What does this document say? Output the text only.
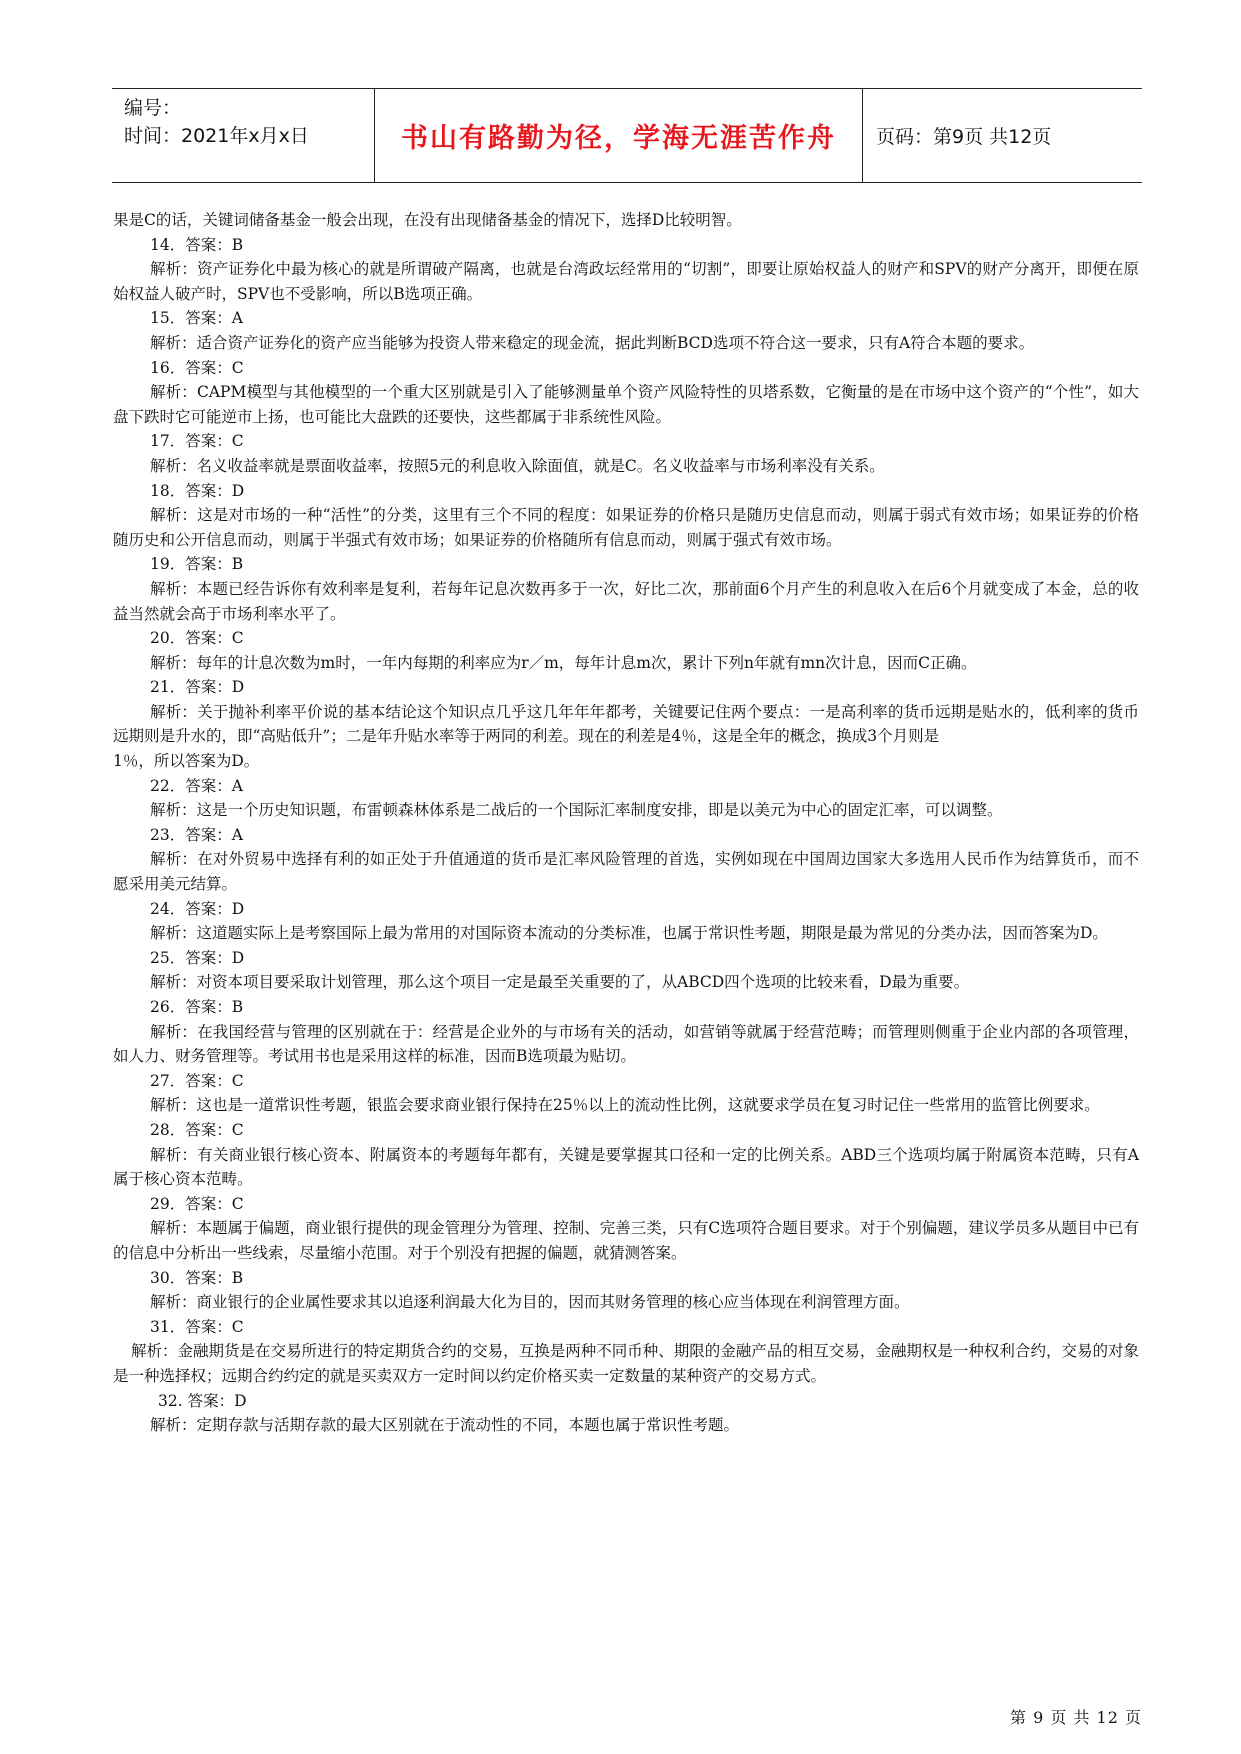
编号：
时间：2021年x月x日	书山有路勤为径，学海无涯苦作舟 页码：第9页 共12页

果是C的话，关键词储备基金一般会出现，在没有出现储备基金的情况下，选择D比较明智。

14．答案：B

解析：资产证券化中最为核心的就是所谓破产隔离，也就是台湾政坛经常用的“切割”，即要让原始权益人的财产和SPV的财产分离开，即便在原始权益人破产时，SPV也不受影响，所以B选项正确。

15．答案：A

解析：适合资产证券化的资产应当能够为投资人带来稳定的现金流，据此判断BCD选项不符合这一要求，只有A符合本题的要求。

16．答案：C

解析：CAPM模型与其他模型的一个重大区别就是引入了能够测量单个资产风险特性的贝塔系数，它衡量的是在市场中这个资产的“个性”，如大盘下跌时它可能逆市上扬，也可能比大盘跌的还要快，这些都属于非系统性风险。

17．答案：C

解析：名义收益率就是票面收益率，按照5元的利息收入除面值，就是C。名义收益率与市场利率没有关系。

18．答案：D

解析：这是对市场的一种“活性”的分类，这里有三个不同的程度：如果证券的价格只是随历史信息而动，则属于弱式有效市场；如果证券的价格随历史和公开信息而动，则属于半强式有效市场；如果证券的价格随所有信息而动，则属于强式有效市场。

19．答案：B

解析：本题已经告诉你有效利率是复利，若每年记息次数再多于一次，好比二次，那前面6个月产生的利息收入在后6个月就变成了本金，总的收益当然就会高于市场利率水平了。

20．答案：C

解析：每年的计息次数为m时，一年内每期的利率应为r／m，每年计息m次，累计下列n年就有mn次计息，因而C正确。

21．答案：D

解析：关于抛补利率平价说的基本结论这个知识点几乎这几年年年都考，关键要记住两个要点：一是高利率的货币远期是贴水的，低利率的货币远期则是升水的，即“高贴低升”；二是年升贴水率等于两同的利差。现在的利差是4％，这是全年的概念，换成3个月则是

1％，所以答案为D。

22．答案：A

解析：这是一个历史知识题，布雷顿森林体系是二战后的一个国际汇率制度安排，即是以美元为中心的固定汇率，可以调整。

23．答案：A

解析：在对外贸易中选择有利的如正处于升值通道的货币是汇率风险管理的首选，实例如现在中国周边国家大多选用人民币作为结算货币，而不愿采用美元结算。

24．答案：D

解析：这道题实际上是考察国际上最为常用的对国际资本流动的分类标准，也属于常识性考题，期限是最为常见的分类办法，因而答案为D。

25．答案：D

解析：对资本项目要采取计划管理，那么这个项目一定是最至关重要的了，从ABCD四个选项的比较来看，D最为重要。

26．答案：B

解析：在我国经营与管理的区别就在于：经营是企业外的与市场有关的活动，如营销等就属于经营范畴；而管理则侧重于企业内部的各项管理，如人力、财务管理等。考试用书也是采用这样的标准，因而B选项最为贴切。

27．答案：C

解析：这也是一道常识性考题，银监会要求商业银行保持在25％以上的流动性比例，这就要求学员在复习时记住一些常用的监管比例要求。

28．答案：C

解析：有关商业银行核心资本、附属资本的考题每年都有，关键是要掌握其口径和一定的比例关系。ABD三个选项均属于附属资本范畴，只有A属于核心资本范畴。

29．答案：C

解析：本题属于偏题，商业银行提供的现金管理分为管理、控制、完善三类，只有C选项符合题目要求。对于个别偏题，建议学员多从题目中已有的信息中分析出一些线索，尽量缩小范围。对于个别没有把握的偏题，就猜测答案。

30．答案：B

解析：商业银行的企业属性要求其以追逐利润最大化为目的，因而其财务管理的核心应当体现在利润管理方面。

31．答案：C

解析：金融期货是在交易所进行的特定期货合约的交易，互换是两种不同币种、期限的金融产品的相互交易，金融期权是一种权利合约，交易的对象是一种选择权；远期合约约定的就是买卖双方一定时间以约定价格买卖一定数量的某种资产的交易方式。

32. 答案：D

解析：定期存款与活期存款的最大区别就在于流动性的不同，本题也属于常识性考题。

第 9 页 共 12 页
